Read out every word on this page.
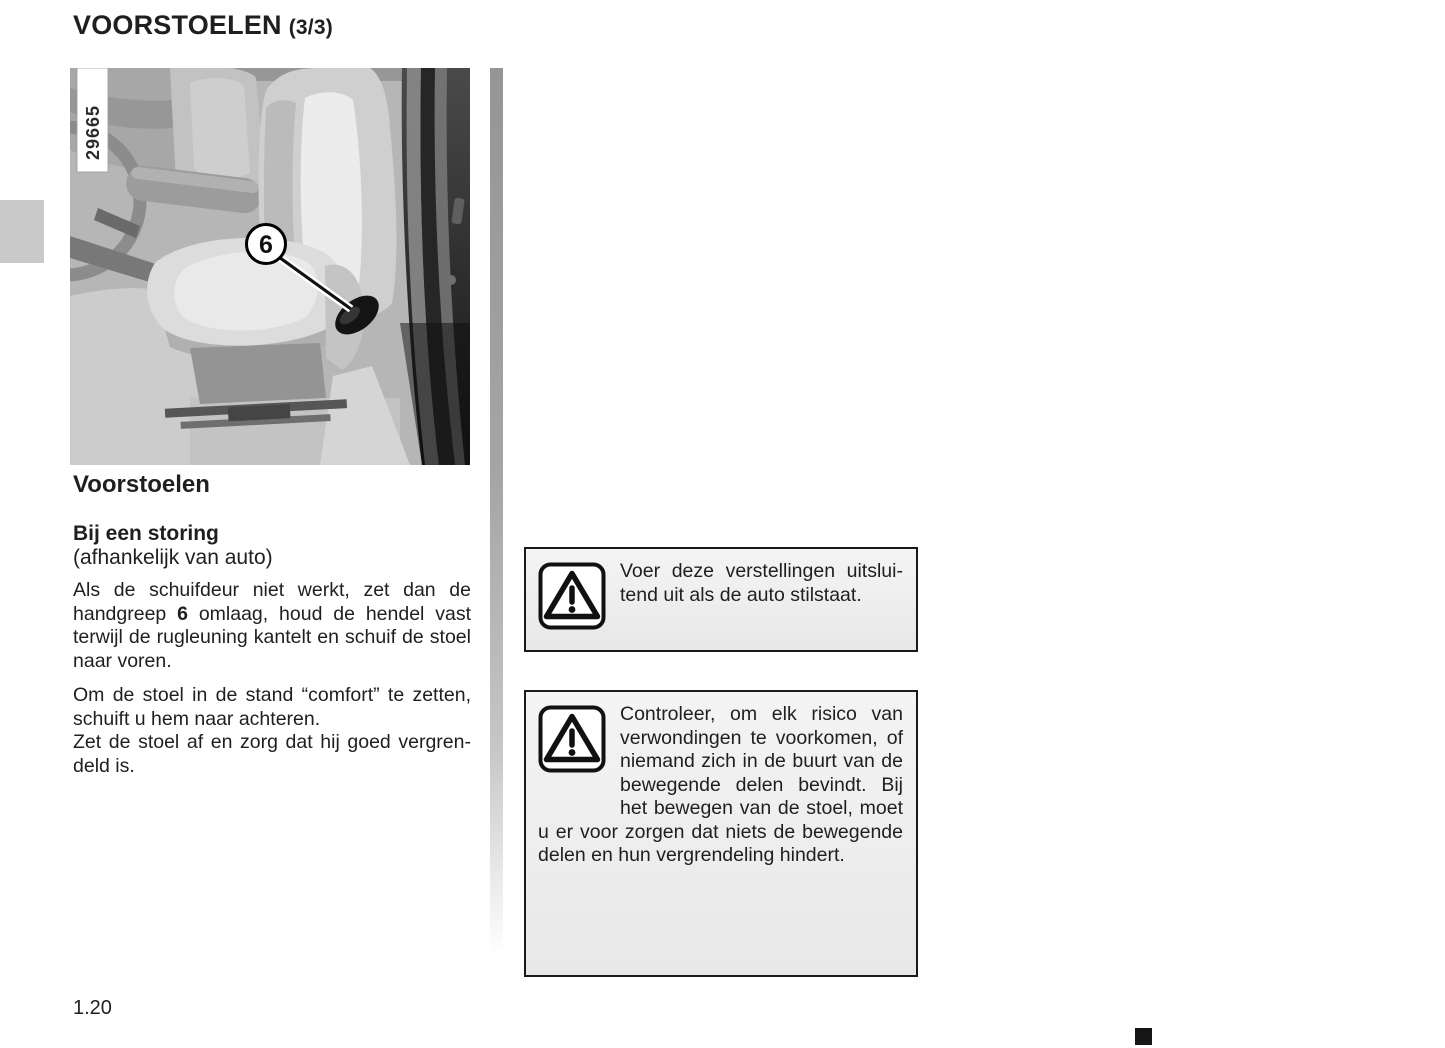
VOORSTOELEN (3/3)
29665
6
Voorstoelen
Bij een storing
(afhankelijk van auto)

Als de schuifdeur niet werkt, zet dan de handgreep 6 omlaag, houd de hendel vast terwijl de rugleuning kantelt en schuif de stoel naar voren.

Om de stoel in de stand “comfort” te zetten, schuift u hem naar achteren.

Zet de stoel af en zorg dat hij goed vergrendeld is.

Voer deze verstellingen uitsluitend uit als de auto stilstaat.
Controleer, om elk risico van verwondingen te voorkomen, of niemand zich in de buurt van de bewegende delen bevindt. Bij het bewegen van de stoel, moet u er voor zorgen dat niets de bewegende delen en hun vergrendeling hindert.
1.20
